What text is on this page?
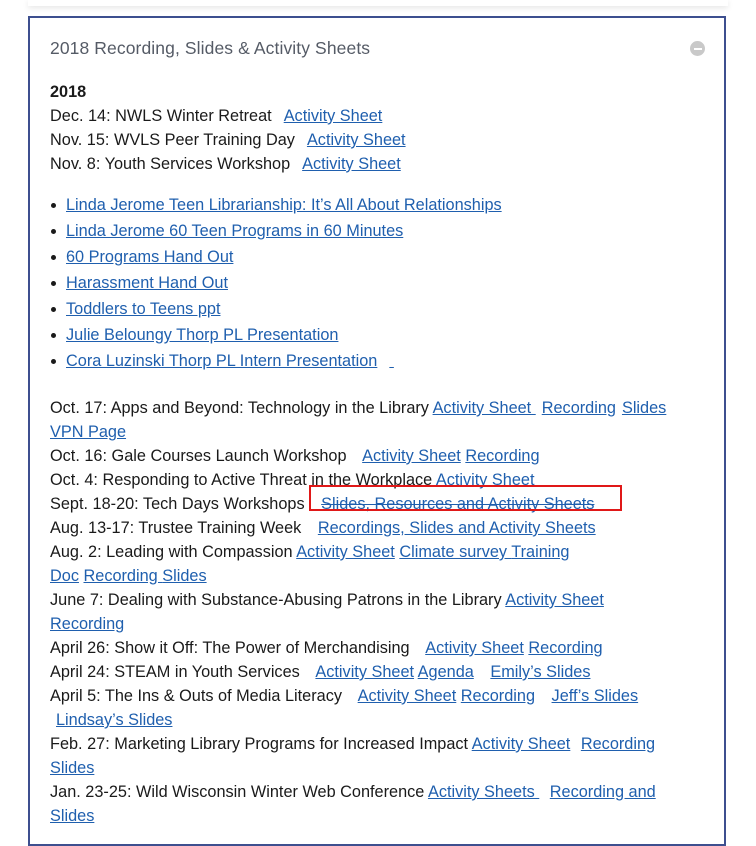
2018 Recording, Slides & Activity Sheets
2018
Dec. 14: NWLS Winter Retreat Activity Sheet
Nov. 15: WVLS Peer Training Day Activity Sheet
Nov. 8: Youth Services Workshop Activity Sheet
Linda Jerome Teen Librarianship: It’s All About Relationships
Linda Jerome 60 Teen Programs in 60 Minutes
60 Programs Hand Out
Harassment Hand Out
Toddlers to Teens ppt
Julie Beloungy Thorp PL Presentation
Cora Luzinski Thorp PL Intern Presentation
Oct. 17: Apps and Beyond: Technology in the Library Activity Sheet Recording Slides
VPN Page
Oct. 16: Gale Courses Launch Workshop Activity Sheet Recording
Oct. 4: Responding to Active Threat in the Workplace Activity Sheet
Sept. 18-20: Tech Days Workshops Slides, Resources and Activity Sheets
Aug. 13-17: Trustee Training Week Recordings, Slides and Activity Sheets
Aug. 2: Leading with Compassion Activity Sheet Climate survey Training
Doc Recording Slides
June 7: Dealing with Substance-Abusing Patrons in the Library Activity Sheet
Recording
April 26: Show it Off: The Power of Merchandising Activity Sheet Recording
April 24: STEAM in Youth Services Activity Sheet Agenda Emily’s Slides
April 5: The Ins & Outs of Media Literacy Activity Sheet Recording Jeff’s Slides
Lindsay’s Slides
Feb. 27: Marketing Library Programs for Increased Impact Activity Sheet Recording
Slides
Jan. 23-25: Wild Wisconsin Winter Web Conference Activity Sheets  Recording and
Slides
